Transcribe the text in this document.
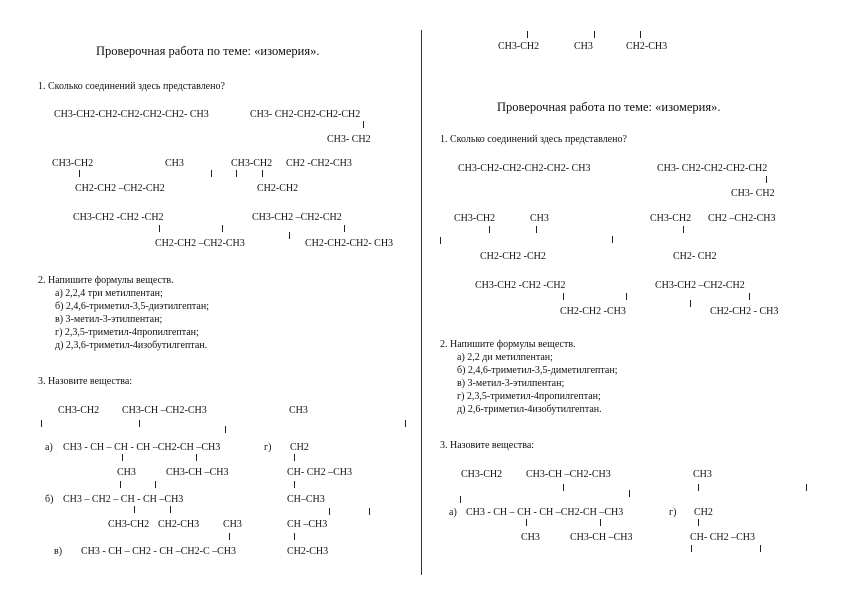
Проверочная работа по теме: «изомерия».
1. Сколько соединений здесь представлено?
CH3-CH2-CH2-CH2-CH2-CH2- CH3	CH3- CH2-CH2-CH2-CH2
CH3- CH2
CH3-CH2	CH3	CH3-CH2 CH2 -CH2-CH3
CH2-CH2 –CH2-CH2	CH2-CH2
CH3-CH2 -CH2 -CH2	CH3-CH2 –CH2-CH2
CH2-CH2 –CH2-CH3	CH2-CH2-CH2- CH3
2. Напишите формулы веществ.
а) 2,2,4 три метилпентан;
б) 2,4,6-триметил-3,5-диэтилгептан;
в) 3-метил-3-этилпентан;
г) 2,3,5-триметил-4пропилгептан;
д) 2,3,6-триметил-4изобутилгептан.
3. Назовите вещества:
CH3-CH2 CH3-CH –CH2-CH3	CH3
а) CH3 - CH – CH - CH –CH2-CH –CH3	г) CH2
CH3	CH3-CH –CH3	CH- CH2 –CH3
б) CH3 – CH2 – CH - CH –CH3	CH–CH3
CH3-CH2 CH2-CH3 CH3	CH –CH3
в) CH3 - CH – CH2 - CH –CH2-C –CH3	CH2-CH3
CH3-CH2	CH3	CH2-CH3
Проверочная работа по теме: «изомерия».
1. Сколько соединений здесь представлено?
CH3-CH2-CH2-CH2-CH2- CH3	CH3- CH2-CH2-CH2-CH2
CH3- CH2
CH3-CH2	CH3	CH3-CH2 CH2 –CH2-CH3
CH2-CH2 -CH2	CH2- CH2
CH3-CH2 -CH2 -CH2	CH3-CH2 –CH2-CH2
CH2-CH2 -CH3	CH2-CH2 - CH3
2. Напишите формулы веществ.
а) 2,2 ди метилпентан;
б) 2,4,6-триметил-3,5-диметилгептан;
в) 3-метил-3-этилпентан;
г) 2,3,5-триметил-4пропилгептан;
д) 2,6-триметил-4изобутилгептан.
3. Назовите вещества:
CH3-CH2 CH3-CH –CH2-CH3	CH3
а) CH3 - CH – CH - CH –CH2-CH –CH3	г) CH2
CH3	CH3-CH –CH3	CH- CH2 –CH3
